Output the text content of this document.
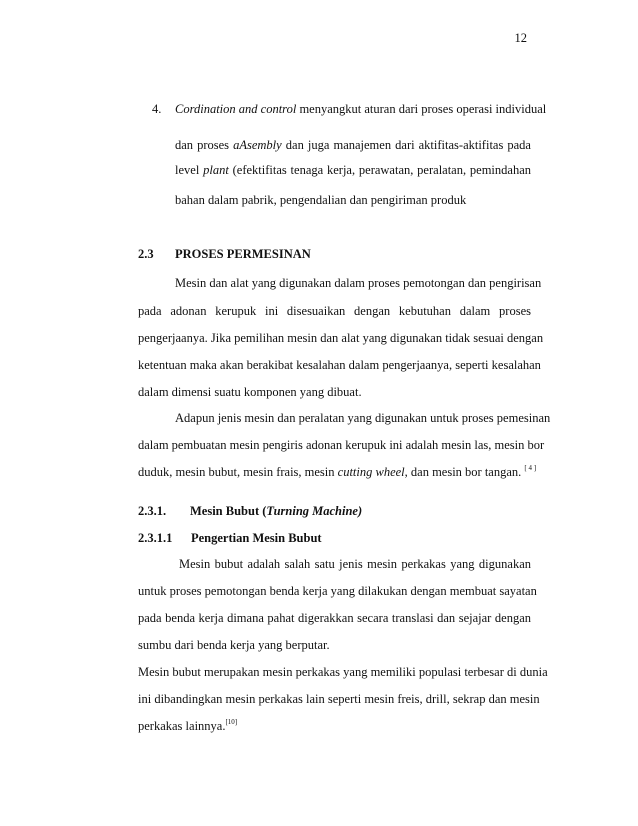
12
4. Cordination and control menyangkut aturan dari proses operasi individual
dan proses aAsembly dan juga manajemen dari aktifitas-aktifitas pada
level plant (efektifitas tenaga kerja, perawatan, peralatan, pemindahan
bahan dalam pabrik, pengendalian dan pengiriman produk
2.3 PROSES PERMESINAN
Mesin dan alat yang digunakan dalam proses pemotongan dan pengirisan
pada adonan kerupuk ini disesuaikan dengan kebutuhan dalam proses
pengerjaanya. Jika pemilihan mesin dan alat yang digunakan tidak sesuai dengan
ketentuan maka akan berakibat kesalahan dalam pengerjaanya, seperti kesalahan
dalam dimensi suatu komponen yang dibuat.
Adapun jenis mesin dan peralatan yang digunakan untuk proses pemesinan
dalam pembuatan mesin pengiris adonan kerupuk ini adalah mesin las, mesin bor
duduk, mesin bubut, mesin frais, mesin cutting wheel, dan mesin bor tangan. [ 4 ]
2.3.1. Mesin Bubut (Turning Machine)
2.3.1.1 Pengertian Mesin Bubut
Mesin bubut adalah salah satu jenis mesin perkakas yang digunakan
untuk proses pemotongan benda kerja yang dilakukan dengan membuat sayatan
pada benda kerja dimana pahat digerakkan secara translasi dan sejajar dengan
sumbu dari benda kerja yang berputar.
Mesin bubut merupakan mesin perkakas yang memiliki populasi terbesar di dunia
ini dibandingkan mesin perkakas lain seperti mesin freis, drill, sekrap dan mesin
perkakas lainnya.[10]
